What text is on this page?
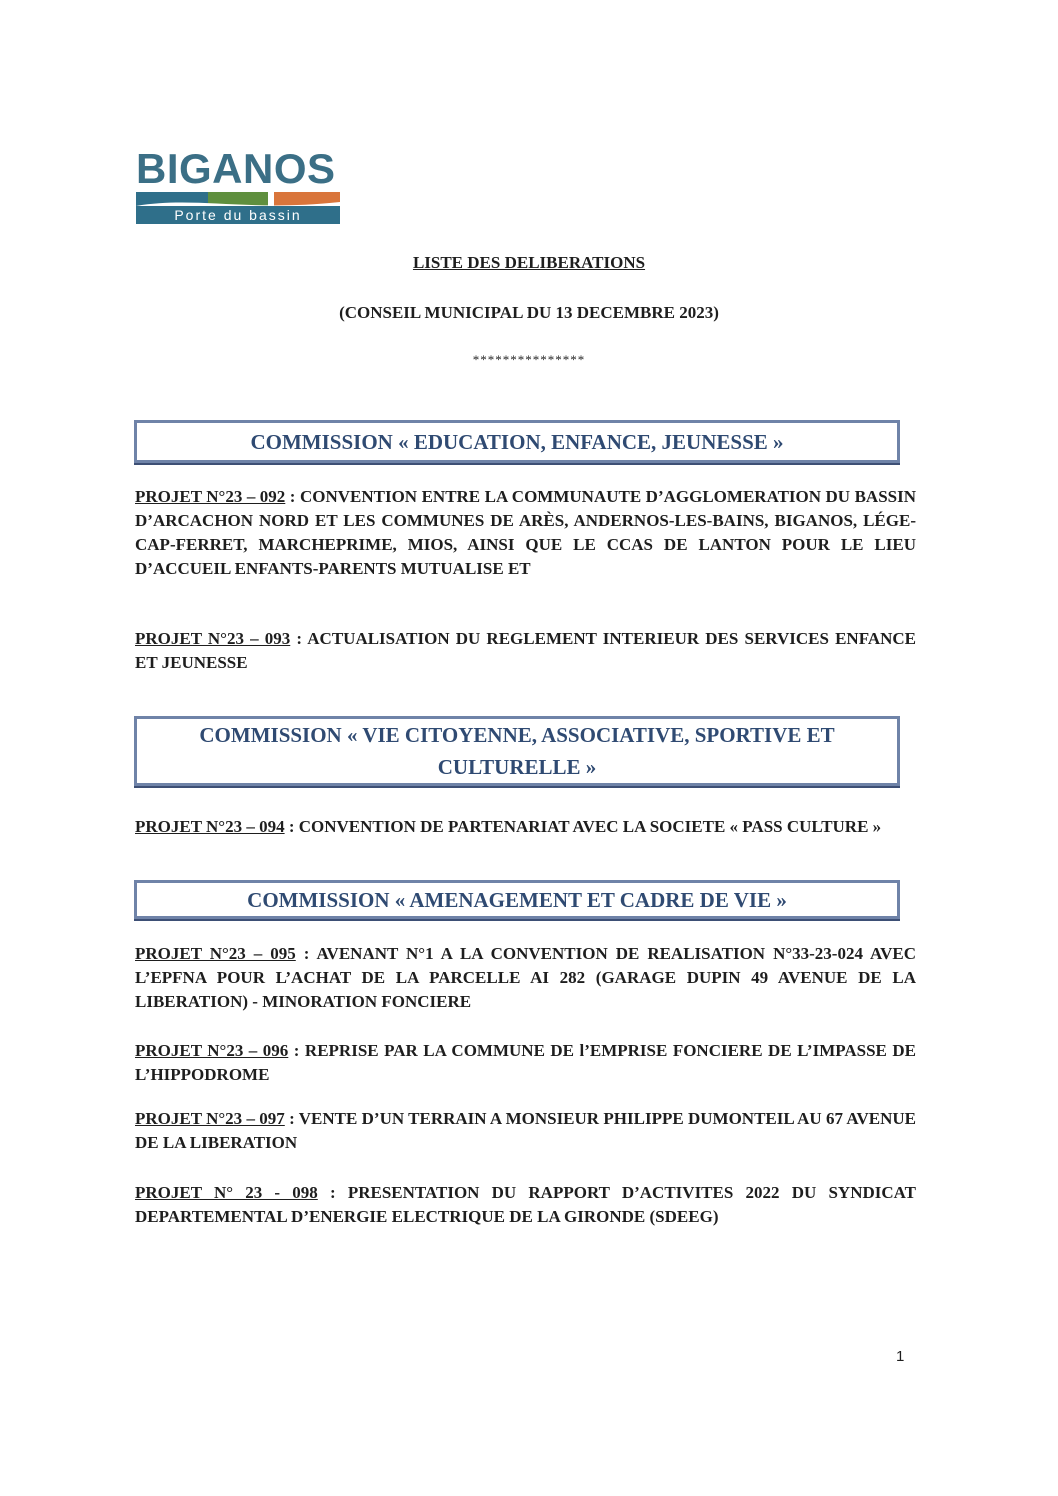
BIGANOS
Porte du bassin
LISTE DES DELIBERATIONS
(CONSEIL MUNICIPAL DU 13 DECEMBRE 2023)
***************
COMMISSION « EDUCATION, ENFANCE, JEUNESSE »
PROJET N°23 – 092 : CONVENTION ENTRE LA COMMUNAUTE D’AGGLOMERATION DU BASSIN D’ARCACHON NORD ET LES COMMUNES DE ARÈS, ANDERNOS-LES-BAINS, BIGANOS, LÉGE-CAP-FERRET, MARCHEPRIME, MIOS, AINSI QUE LE CCAS DE LANTON POUR LE LIEU D’ACCUEIL ENFANTS-PARENTS MUTUALISE ET
PROJET N°23 – 093 : ACTUALISATION DU REGLEMENT INTERIEUR DES SERVICES ENFANCE ET JEUNESSE
COMMISSION « VIE CITOYENNE, ASSOCIATIVE, SPORTIVE ET CULTURELLE »
PROJET N°23 – 094 : CONVENTION DE PARTENARIAT AVEC LA SOCIETE « PASS CULTURE »
COMMISSION « AMENAGEMENT ET CADRE DE VIE »
PROJET N°23 – 095 : AVENANT N°1 A LA CONVENTION DE REALISATION N°33-23-024 AVEC L’EPFNA POUR L’ACHAT DE LA PARCELLE AI 282 (GARAGE DUPIN 49 AVENUE DE LA LIBERATION) - MINORATION FONCIERE
PROJET N°23 – 096 : REPRISE PAR LA COMMUNE DE l’EMPRISE FONCIERE DE L’IMPASSE DE L’HIPPODROME
PROJET N°23 – 097 : VENTE D’UN TERRAIN A MONSIEUR PHILIPPE DUMONTEIL AU 67 AVENUE DE LA LIBERATION
PROJET N° 23 - 098 : PRESENTATION DU RAPPORT D’ACTIVITES 2022 DU SYNDICAT DEPARTEMENTAL D’ENERGIE ELECTRIQUE DE LA GIRONDE (SDEEG)
1
